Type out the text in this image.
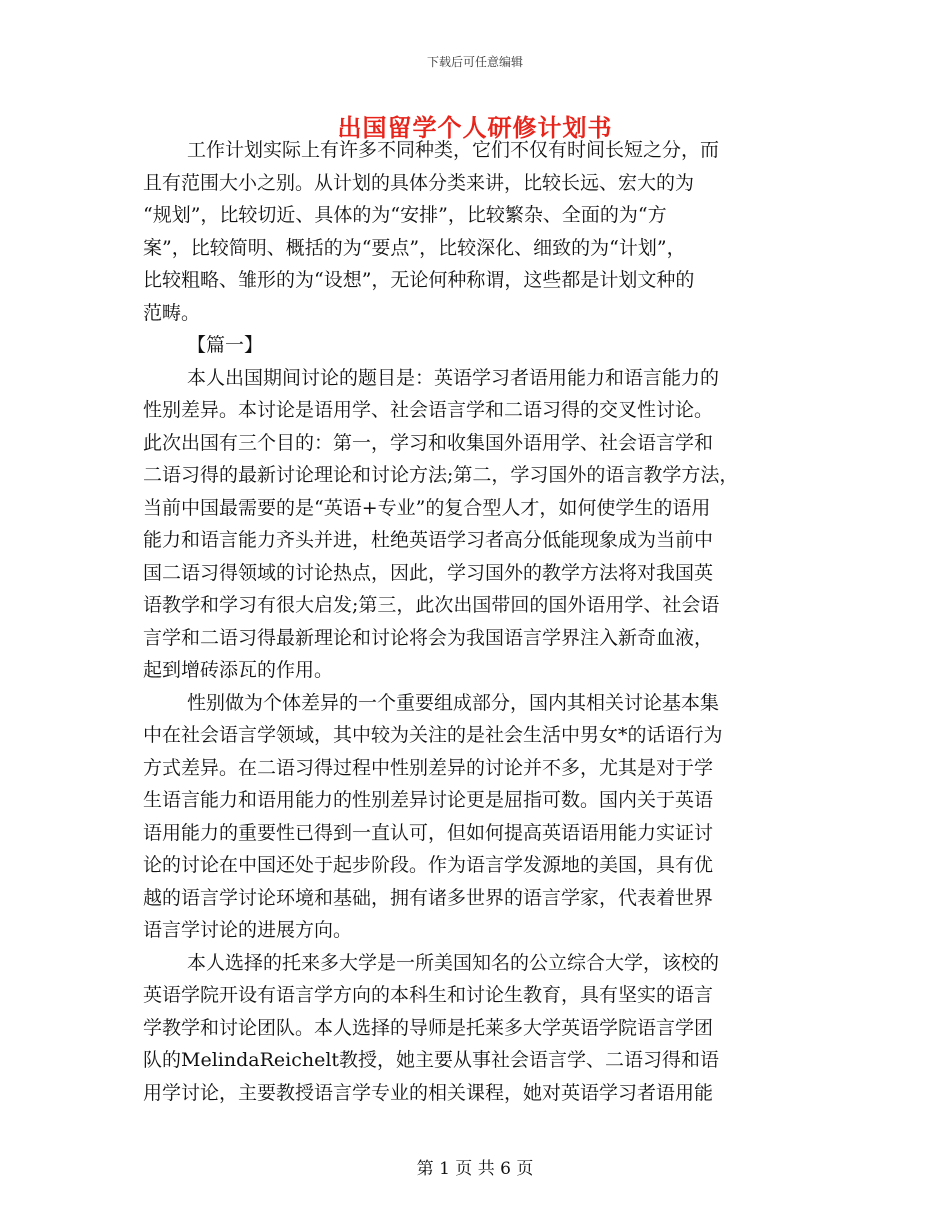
下载后可任意编辑
出国留学个人研修计划书
工作计划实际上有许多不同种类，它们不仅有时间长短之分，而
且有范围大小之别。从计划的具体分类来讲，比较长远、宏大的为
“规划”，比较切近、具体的为“安排”，比较繁杂、全面的为“方
案”，比较简明、概括的为“要点”，比较深化、细致的为“计划”，
比较粗略、雏形的为“设想”，无论何种称谓，这些都是计划文种的
范畴。
【篇一】
本人出国期间讨论的题目是：英语学习者语用能力和语言能力的
性别差异。本讨论是语用学、社会语言学和二语习得的交叉性讨论。
此次出国有三个目的：第一，学习和收集国外语用学、社会语言学和
二语习得的最新讨论理论和讨论方法;第二，学习国外的语言教学方法，
当前中国最需要的是“英语+专业”的复合型人才，如何使学生的语用
能力和语言能力齐头并进，杜绝英语学习者高分低能现象成为当前中
国二语习得领域的讨论热点，因此，学习国外的教学方法将对我国英
语教学和学习有很大启发;第三，此次出国带回的国外语用学、社会语
言学和二语习得最新理论和讨论将会为我国语言学界注入新奇血液，
起到增砖添瓦的作用。
性别做为个体差异的一个重要组成部分，国内其相关讨论基本集
中在社会语言学领域，其中较为关注的是社会生活中男女*的话语行为
方式差异。在二语习得过程中性别差异的讨论并不多，尤其是对于学
生语言能力和语用能力的性别差异讨论更是屈指可数。国内关于英语
语用能力的重要性已得到一直认可，但如何提高英语语用能力实证讨
论的讨论在中国还处于起步阶段。作为语言学发源地的美国，具有优
越的语言学讨论环境和基础，拥有诸多世界的语言学家，代表着世界
语言学讨论的进展方向。
本人选择的托来多大学是一所美国知名的公立综合大学，该校的
英语学院开设有语言学方向的本科生和讨论生教育，具有坚实的语言
学教学和讨论团队。本人选择的导师是托莱多大学英语学院语言学团
队的MelindaReichelt教授，她主要从事社会语言学、二语习得和语
用学讨论，主要教授语言学专业的相关课程，她对英语学习者语用能
第 1 页 共 6 页
